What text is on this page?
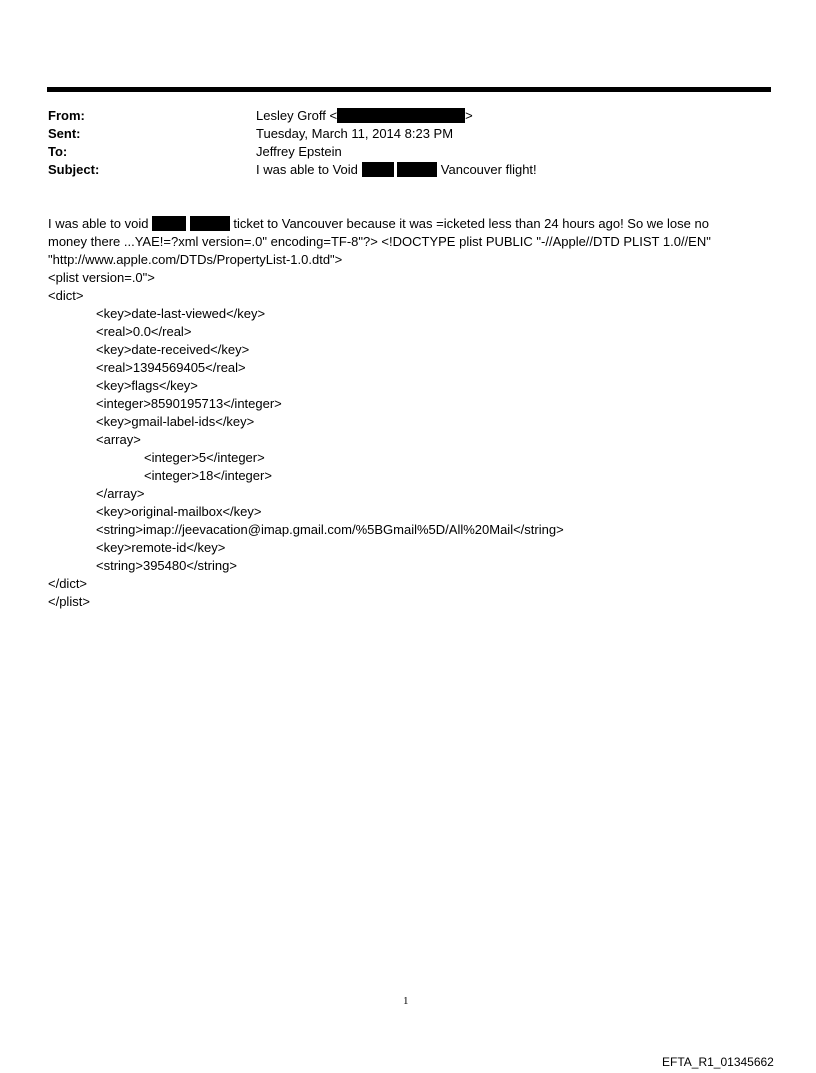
From:	Lesley Groff <	>
Sent:	Tuesday, March 11, 2014 8:23 PM
To:	Jeffrey Epstein
Subject:	I was able to Void	Vancouver flight!
I was able to void	ticket to Vancouver because it was =icketed less than 24 hours ago! So we lose no
money there ...YAE!=?xml version=.0" encoding=TF-8"?> <!DOCTYPE plist PUBLIC "-//Apple//DTD PLIST 1.0//EN"
"http://www.apple.com/DTDs/PropertyList-1.0.dtd">
<plist version=.0">
<dict>
<key>date-last-viewed</key>
<real>0.0</real>
<key>date-received</key>
<real>1394569405</real>
<key>flags</key>
<integer>8590195713</integer>
<key>gmail-label-ids</key>
<array>
<integer>5</integer>
<integer>18</integer>
</array>
<key>original-mailbox</key>
<string>imap://jeevacation@imap.gmail.com/%5BGmail%5D/All%20Mail</string>
<key>remote-id</key>
<string>395480</string>
</dict>
</plist>
1
EFTA_R1_01345662
